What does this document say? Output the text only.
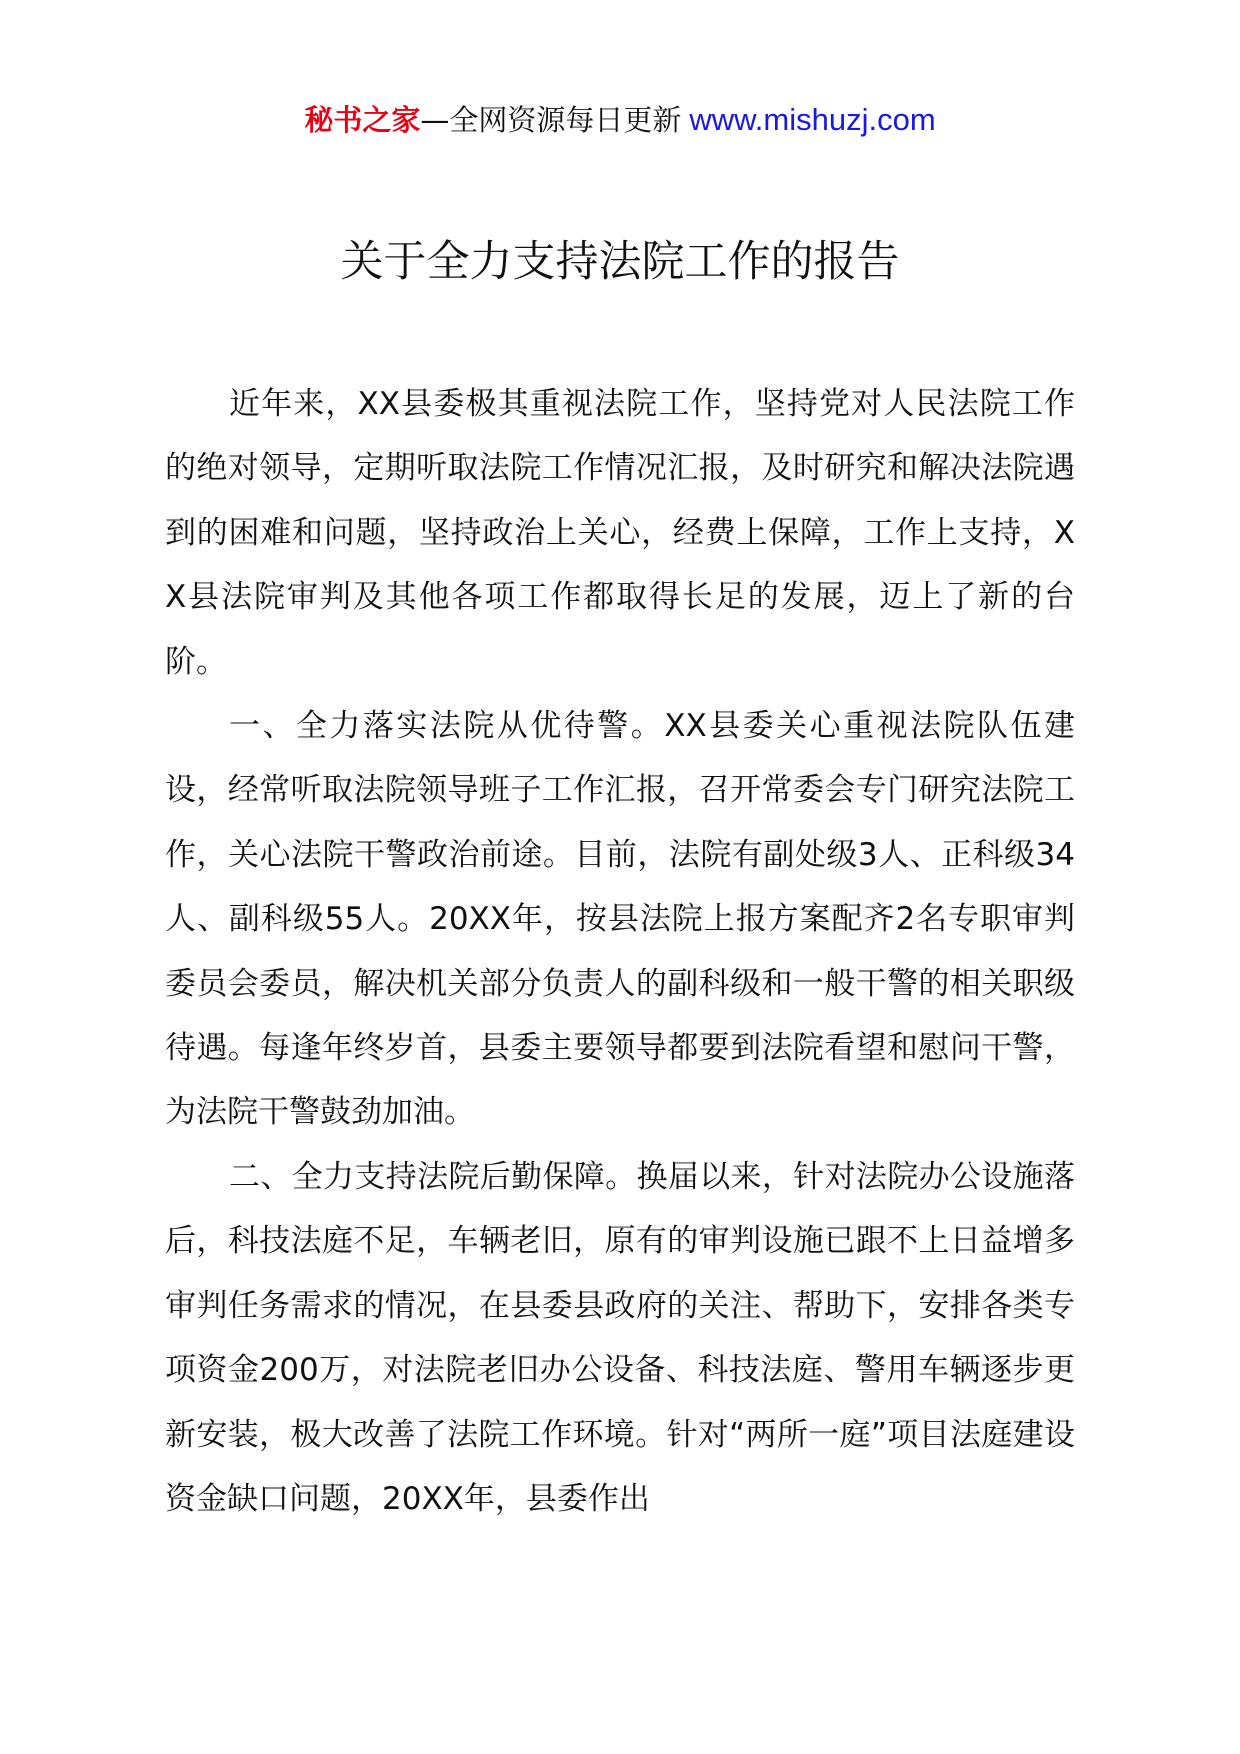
秘书之家—全网资源每日更新 www.mishuzj.com
关于全力支持法院工作的报告

近年来，XX县委极其重视法院工作，坚持党对人民法院工作的绝对领导，定期听取法院工作情况汇报，及时研究和解决法院遇到的困难和问题，坚持政治上关心，经费上保障，工作上支持，XX县法院审判及其他各项工作都取得长足的发展，迈上了新的台阶。

一、全力落实法院从优待警。XX县委关心重视法院队伍建设，经常听取法院领导班子工作汇报，召开常委会专门研究法院工作，关心法院干警政治前途。目前，法院有副处级3人、正科级34人、副科级55人。20XX年，按县法院上报方案配齐2名专职审判委员会委员，解决机关部分负责人的副科级和一般干警的相关职级待遇。每逢年终岁首，县委主要领导都要到法院看望和慰问干警，为法院干警鼓劲加油。

二、全力支持法院后勤保障。换届以来，针对法院办公设施落后，科技法庭不足，车辆老旧，原有的审判设施已跟不上日益增多审判任务需求的情况，在县委县政府的关注、帮助下，安排各类专项资金200万，对法院老旧办公设备、科技法庭、警用车辆逐步更新安装，极大改善了法院工作环境。针对“两所一庭”项目法庭建设资金缺口问题，20XX年，县委作出
